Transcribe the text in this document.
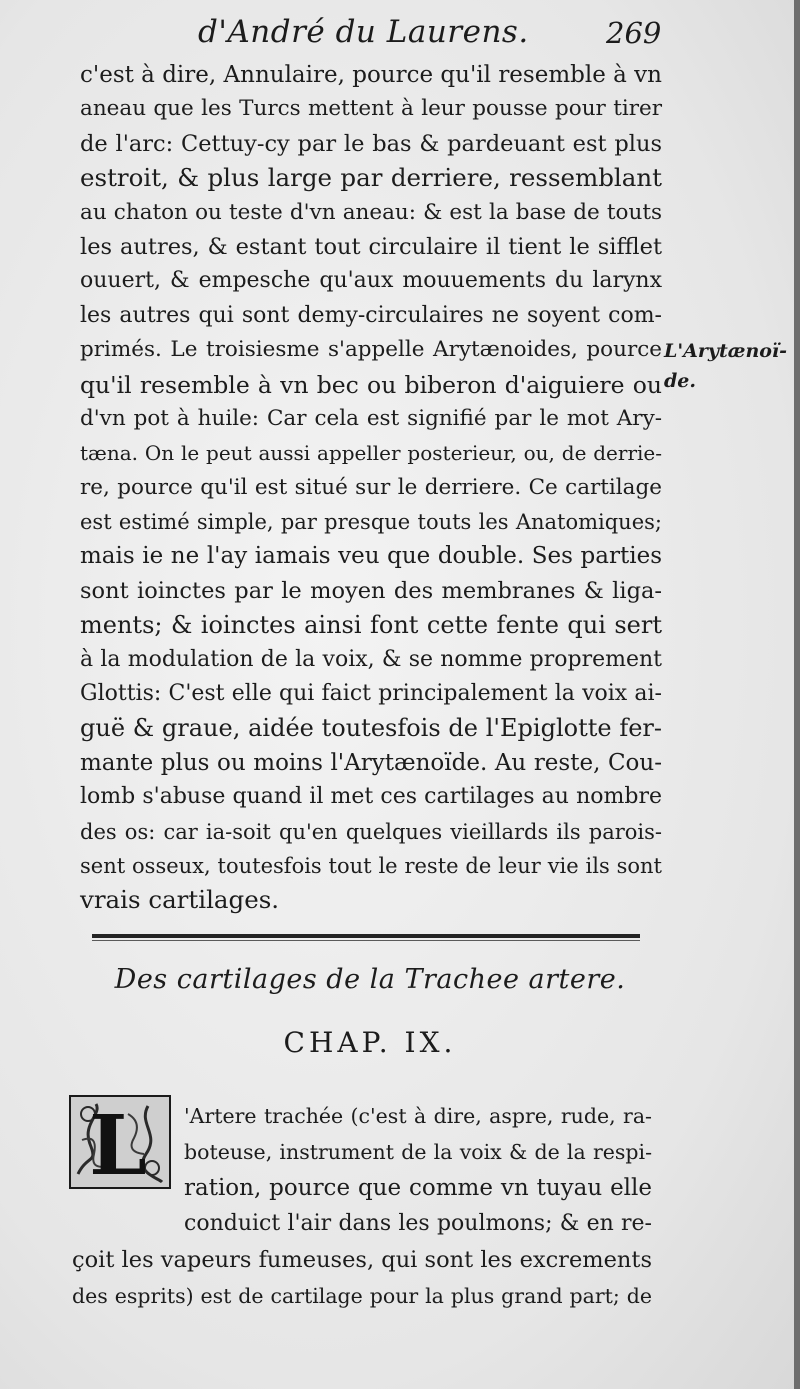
d'André du Laurens.	269
c'est à dire, Annulaire, pource qu'il resemble à vn
aneau que les Turcs mettent à leur pousse pour tirer
de l'arc: Cettuy-cy par le bas & pardeuant est plus
estroit, & plus large par derriere, ressemblant
au chaton ou teste d'vn aneau: & est la base de touts
les autres, & estant tout circulaire il tient le sifflet
ouuert, & empesche qu'aux mouuements du larynx
les autres qui sont demy-circulaires ne soyent com-
primés. Le troisiesme s'appelle Arytænoides, pource
qu'il resemble à vn bec ou biberon d'aiguiere ou
d'vn pot à huile: Car cela est signifié par le mot Ary-
tæna. On le peut aussi appeller posterieur, ou, de derrie-
re, pource qu'il est situé sur le derriere. Ce cartilage
est estimé simple, par presque touts les Anatomiques;
mais ie ne l'ay iamais veu que double. Ses parties
sont ioinctes par le moyen des membranes & liga-
ments; & ioinctes ainsi font cette fente qui sert
à la modulation de la voix, & se nomme proprement
Glottis: C'est elle qui faict principalement la voix ai-
guë & graue, aidée toutesfois de l'Epiglotte fer-
mante plus ou moins l'Arytænoïde. Au reste, Cou-
lomb s'abuse quand il met ces cartilages au nombre
des os: car ia-soit qu'en quelques vieillards ils parois-
sent osseux, toutesfois tout le reste de leur vie ils sont
vrais cartilages.
L'Arytænoï-
de.
Des cartilages de la Trachee artere.
CHAP. IX.
L 'Artere trachée (c'est à dire, aspre, rude, ra-
boteuse, instrument de la voix & de la respi-
ration, pource que comme vn tuyau elle
conduict l'air dans les poulmons; & en re-
çoit les vapeurs fumeuses, qui sont les excrements
des esprits) est de cartilage pour la plus grand part; de
